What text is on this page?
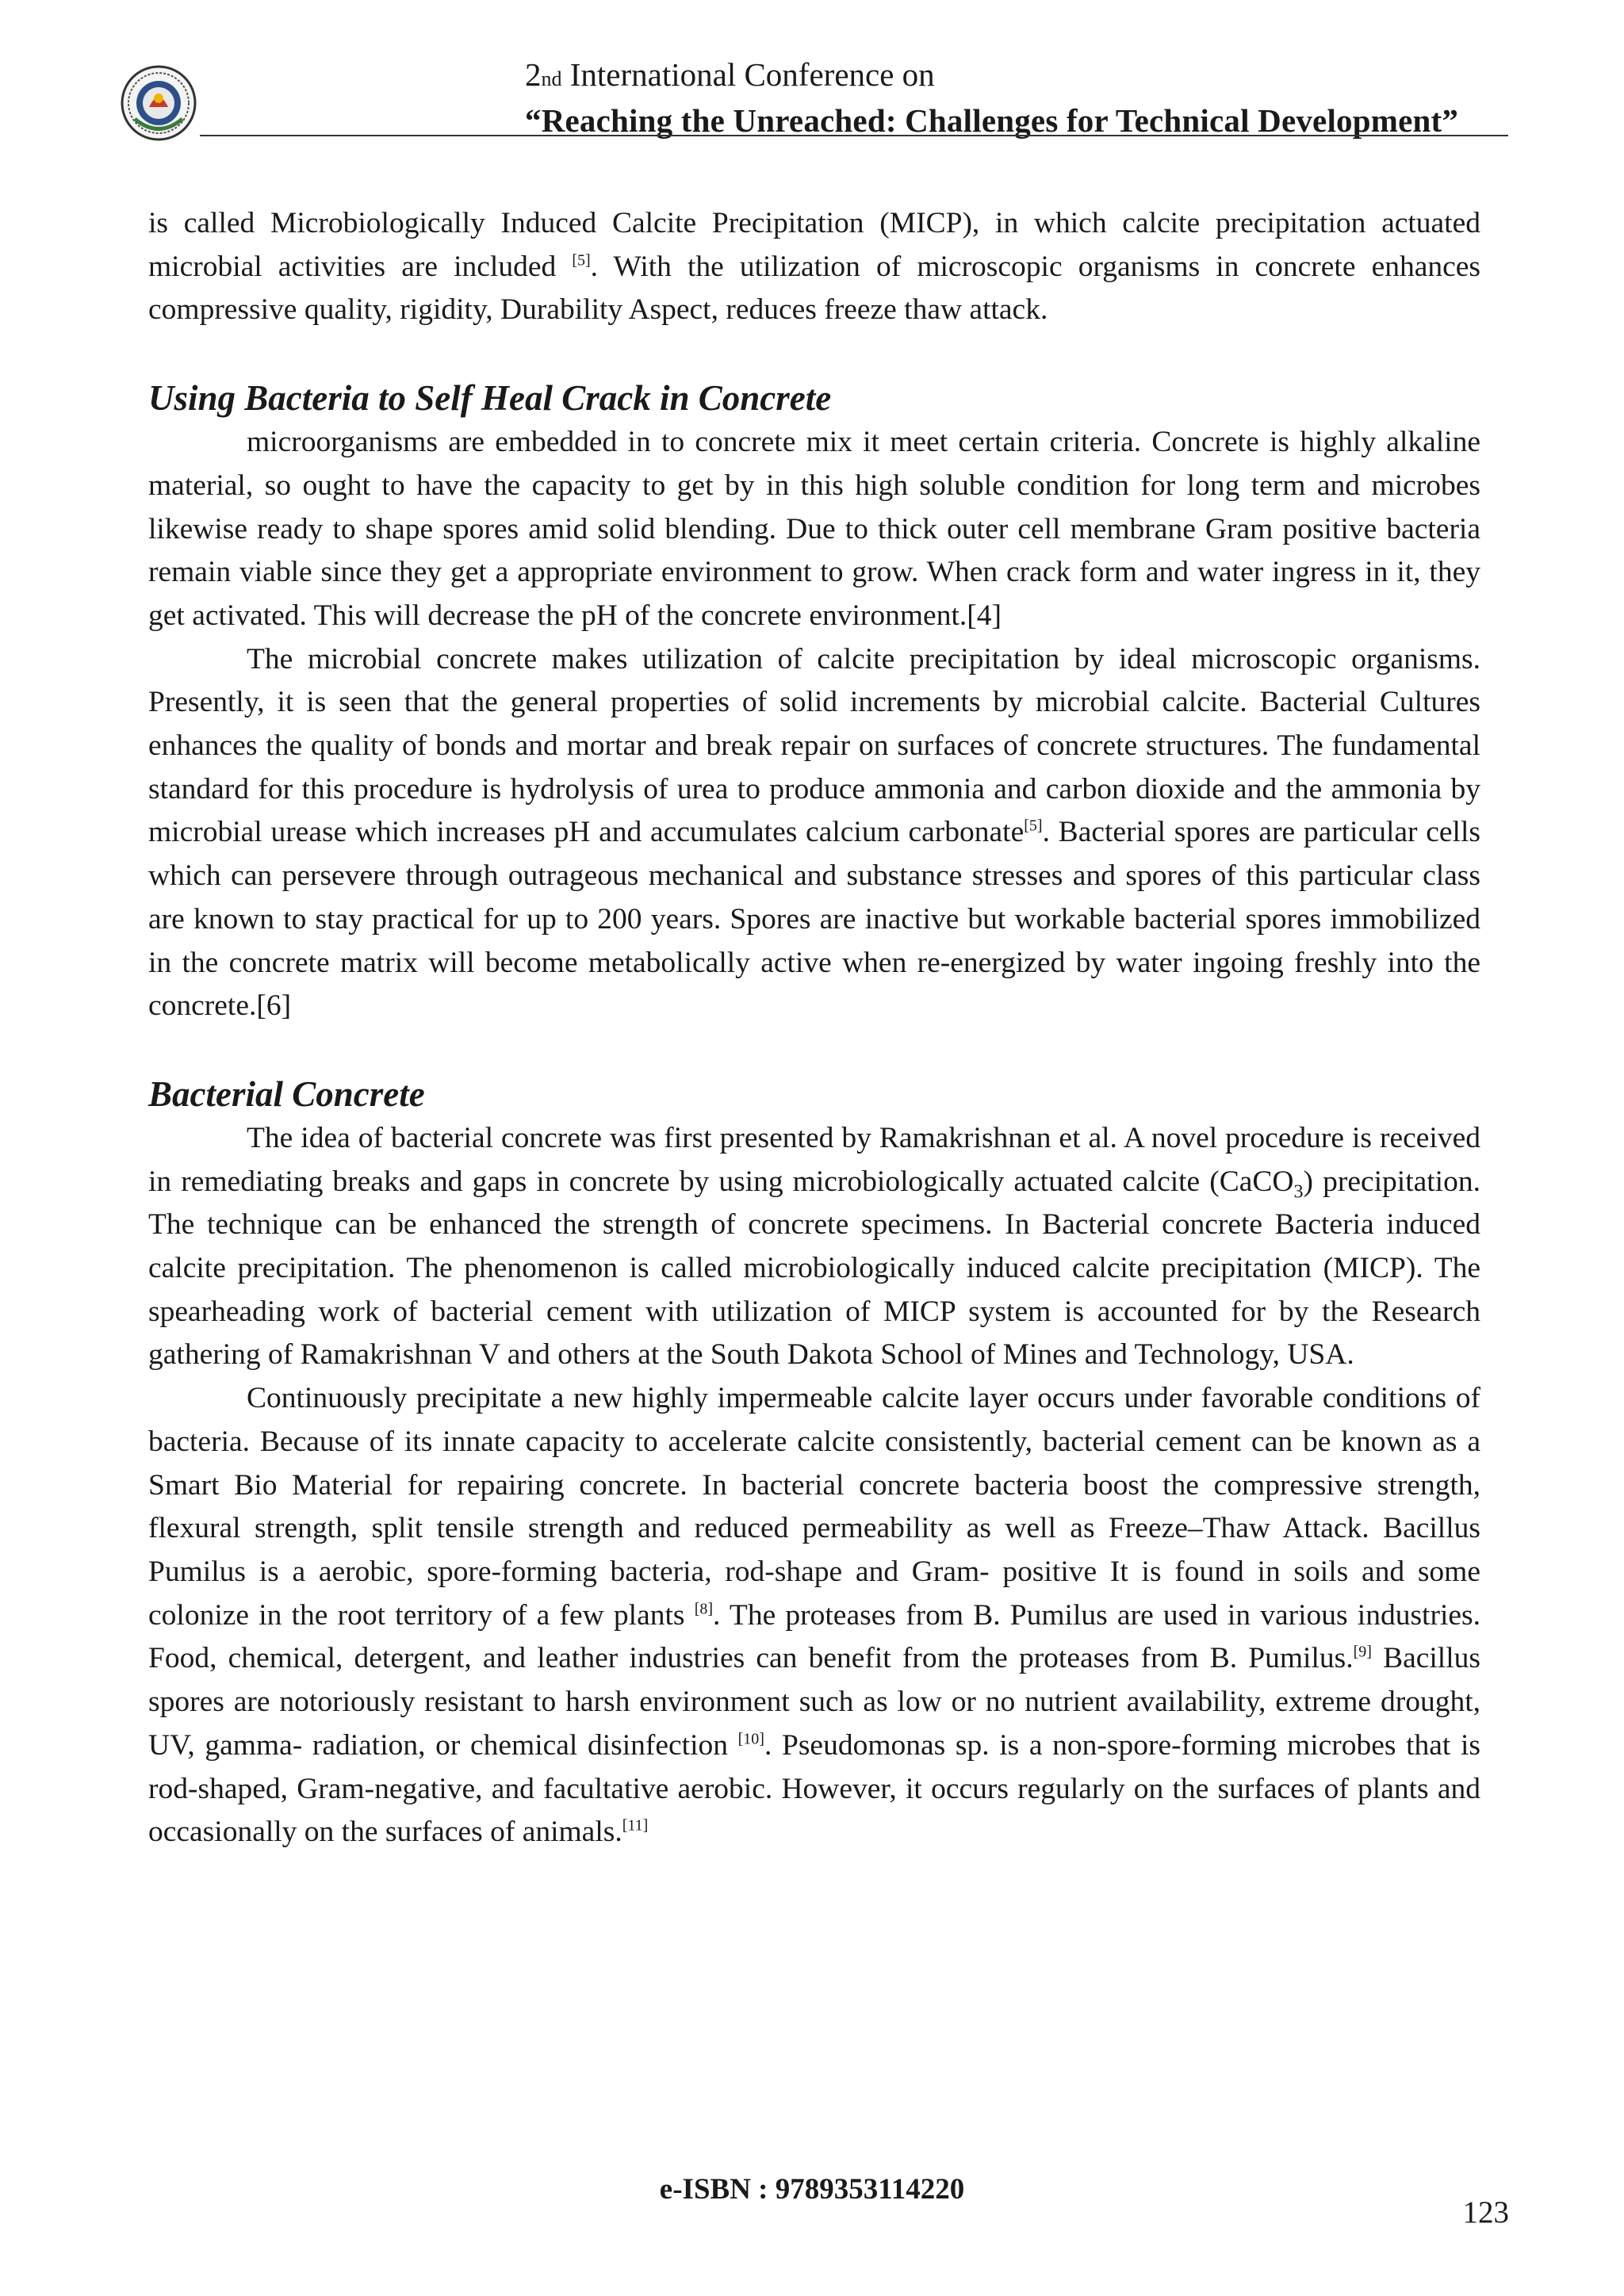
2nd International Conference on
“Reaching the Unreached: Challenges for Technical Development”

is called Microbiologically Induced Calcite Precipitation (MICP), in which calcite precipitation actuated microbial activities are included [5]. With the utilization of microscopic organisms in concrete enhances compressive quality, rigidity, Durability Aspect, reduces freeze thaw attack.

Using Bacteria to Self Heal Crack in Concrete

microorganisms are embedded in to concrete mix it meet certain criteria. Concrete is highly alkaline material, so ought to have the capacity to get by in this high soluble condition for long term and microbes likewise ready to shape spores amid solid blending. Due to thick outer cell membrane Gram positive bacteria remain viable since they get a appropriate environment to grow. When crack form and water ingress in it, they get activated. This will decrease the pH of the concrete environment.[4]

The microbial concrete makes utilization of calcite precipitation by ideal microscopic organisms. Presently, it is seen that the general properties of solid increments by microbial calcite. Bacterial Cultures enhances the quality of bonds and mortar and break repair on surfaces of concrete structures. The fundamental standard for this procedure is hydrolysis of urea to produce ammonia and carbon dioxide and the ammonia by microbial urease which increases pH and accumulates calcium carbonate[5]. Bacterial spores are particular cells which can persevere through outrageous mechanical and substance stresses and spores of this particular class are known to stay practical for up to 200 years. Spores are inactive but workable bacterial spores immobilized in the concrete matrix will become metabolically active when re-energized by water ingoing freshly into the concrete.[6]

Bacterial Concrete

The idea of bacterial concrete was first presented by Ramakrishnan et al. A novel procedure is received in remediating breaks and gaps in concrete by using microbiologically actuated calcite (CaCO$_3$) precipitation. The technique can be enhanced the strength of concrete specimens. In Bacterial concrete Bacteria induced calcite precipitation. The phenomenon is called microbiologically induced calcite precipitation (MICP). The spearheading work of bacterial cement with utilization of MICP system is accounted for by the Research gathering of Ramakrishnan V and others at the South Dakota School of Mines and Technology, USA.

Continuously precipitate a new highly impermeable calcite layer occurs under favorable conditions of bacteria. Because of its innate capacity to accelerate calcite consistently, bacterial cement can be known as a Smart Bio Material for repairing concrete. In bacterial concrete bacteria boost the compressive strength, flexural strength, split tensile strength and reduced permeability as well as Freeze–Thaw Attack. Bacillus Pumilus is a aerobic, spore-forming bacteria, rod-shape and Gram- positive It is found in soils and some colonize in the root territory of a few plants [8]. The proteases from B. Pumilus are used in various industries. Food, chemical, detergent, and leather industries can benefit from the proteases from B. Pumilus.[9] Bacillus spores are notoriously resistant to harsh environment such as low or no nutrient availability, extreme drought, UV, gamma- radiation, or chemical disinfection [10]. Pseudomonas sp. is a non-spore-forming microbes that is rod-shaped, Gram-negative, and facultative aerobic. However, it occurs regularly on the surfaces of plants and occasionally on the surfaces of animals.[11]

e-ISBN : 9789353114220
123
